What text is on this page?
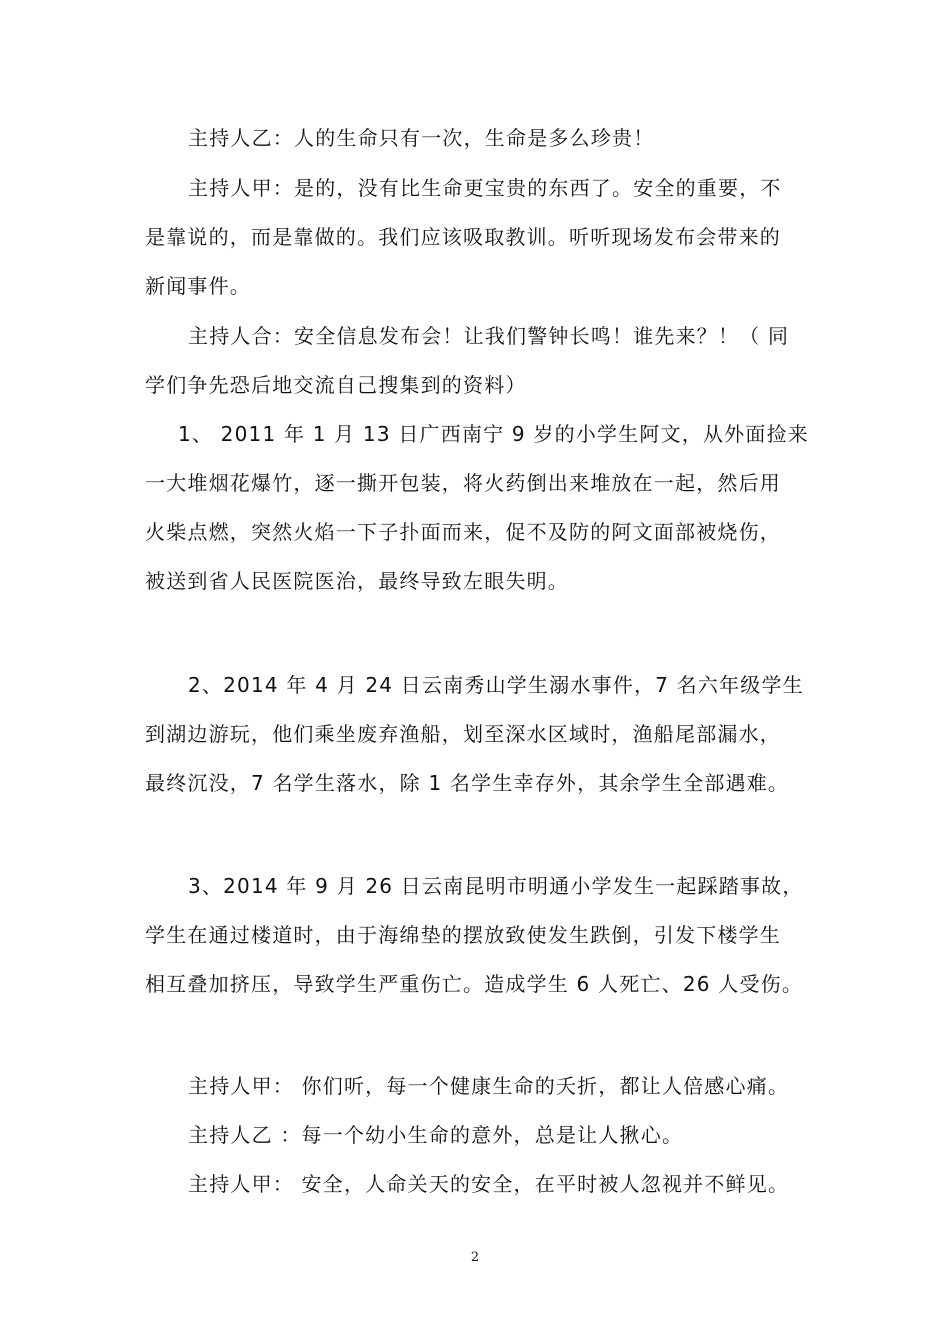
主持人乙：人的生命只有一次，生命是多么珍贵！
主持人甲：是的，没有比生命更宝贵的东西了。安全的重要，不
是靠说的，而是靠做的。我们应该吸取教训。听听现场发布会带来的
新闻事件。
主持人合：安全信息发布会！让我们警钟长鸣！谁先来？！（ 同
学们争先恐后地交流自己搜集到的资料）
1、 2011 年 1 月 13 日广西南宁 9 岁的小学生阿文，从外面捡来
一大堆烟花爆竹，逐一撕开包装，将火药倒出来堆放在一起，然后用
火柴点燃，突然火焰一下子扑面而来，促不及防的阿文面部被烧伤，
被送到省人民医院医治，最终导致左眼失明。
2、2014 年 4 月 24 日云南秀山学生溺水事件，7 名六年级学生
到湖边游玩，他们乘坐废弃渔船，划至深水区域时，渔船尾部漏水，
最终沉没，7 名学生落水，除 1 名学生幸存外，其余学生全部遇难。
3、2014 年 9 月 26 日云南昆明市明通小学发生一起踩踏事故，
学生在通过楼道时，由于海绵垫的摆放致使发生跌倒，引发下楼学生
相互叠加挤压，导致学生严重伤亡。造成学生 6 人死亡、26 人受伤。
主持人甲： 你们听，每一个健康生命的夭折，都让人倍感心痛。
主持人乙 ：每一个幼小生命的意外，总是让人揪心。
主持人甲： 安全，人命关天的安全，在平时被人忽视并不鲜见。
2
